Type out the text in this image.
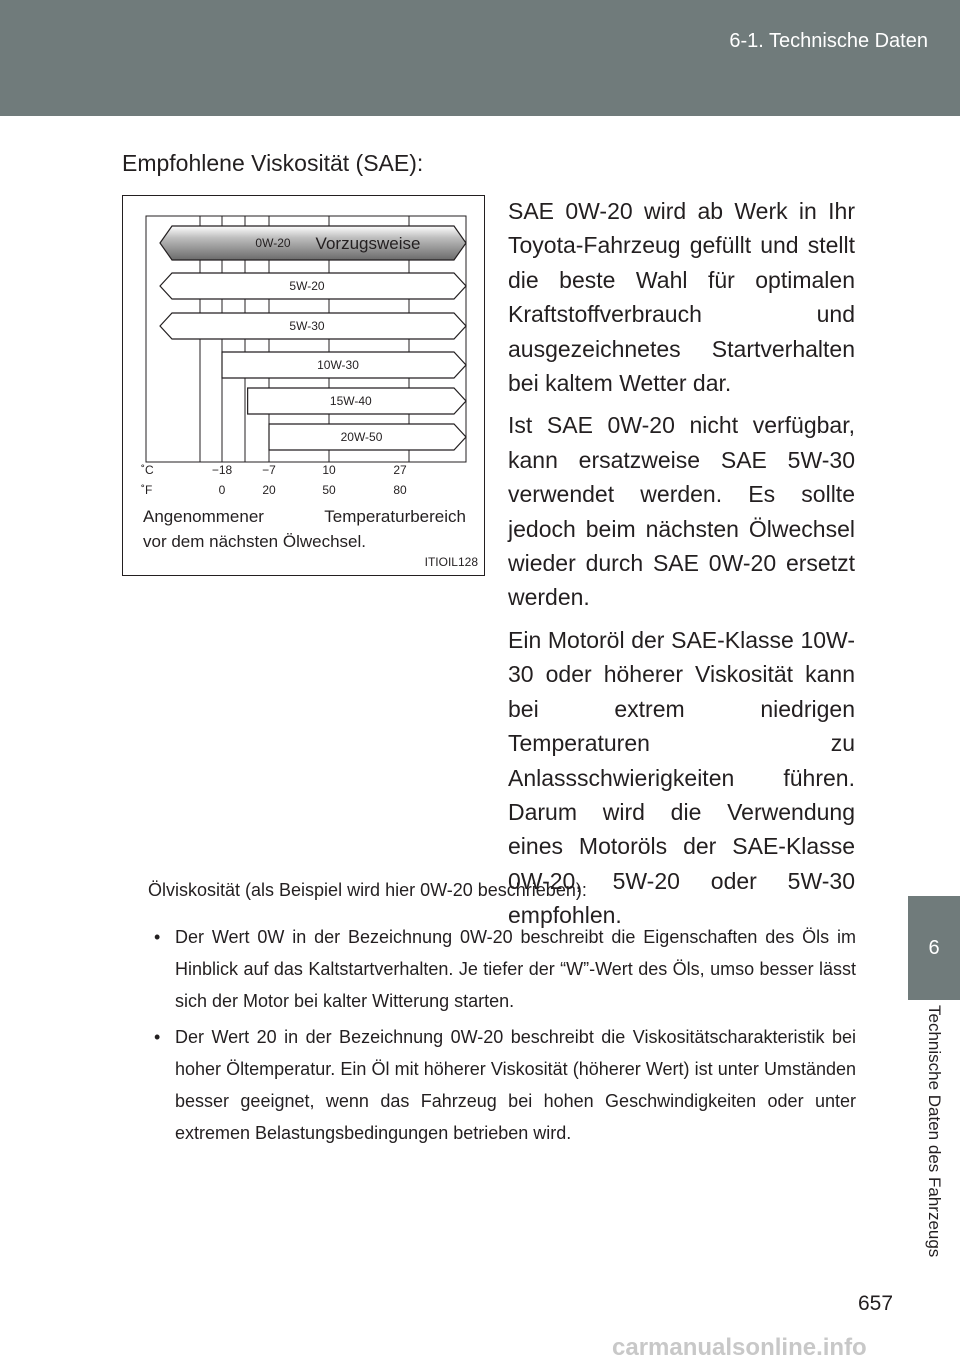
6-1. Technische Daten
6
Technische Daten des Fahrzeugs
Empfohlene Viskosität (SAE):
0W-20 Vorzugsweise
5W-20
5W-30
10W-30
15W-40
20W-50
˚C
˚F
−18 −7	10	27
0	20	50	80
Angenommener	Temperaturbereich
vor dem nächsten Ölwechsel.
ITIOIL128

SAE 0W-20 wird ab Werk in Ihr Toyota-Fahrzeug gefüllt und stellt die beste Wahl für optimalen Kraftstoffverbrauch und ausgezeichnetes Startverhalten bei kaltem Wetter dar.

Ist SAE 0W-20 nicht verfügbar, kann ersatzweise SAE 5W-30 verwendet werden. Es sollte jedoch beim nächsten Ölwechsel wieder durch SAE 0W-20 ersetzt werden.

Ein Motoröl der SAE-Klasse 10W-30 oder höherer Viskosität kann bei extrem niedrigen Temperaturen zu Anlassschwierigkeiten führen. Darum wird die Verwendung eines Motoröls der SAE-Klasse 0W-20, 5W-20 oder 5W-30 empfohlen.

Ölviskosität (als Beispiel wird hier 0W-20 beschrieben):
• Der Wert 0W in der Bezeichnung 0W-20 beschreibt die Eigenschaften des Öls im Hinblick auf das Kaltstartverhalten. Je tiefer der “W”-Wert des Öls, umso besser lässt sich der Motor bei kalter Witterung starten.
• Der Wert 20 in der Bezeichnung 0W-20 beschreibt die Viskositätscharakteristik bei hoher Öltemperatur. Ein Öl mit höherer Viskosität (höherer Wert) ist unter Umständen besser geeignet, wenn das Fahrzeug bei hohen Geschwindigkeiten oder unter extremen Belastungsbedingungen betrieben wird.
657
carmanualsonline.info
